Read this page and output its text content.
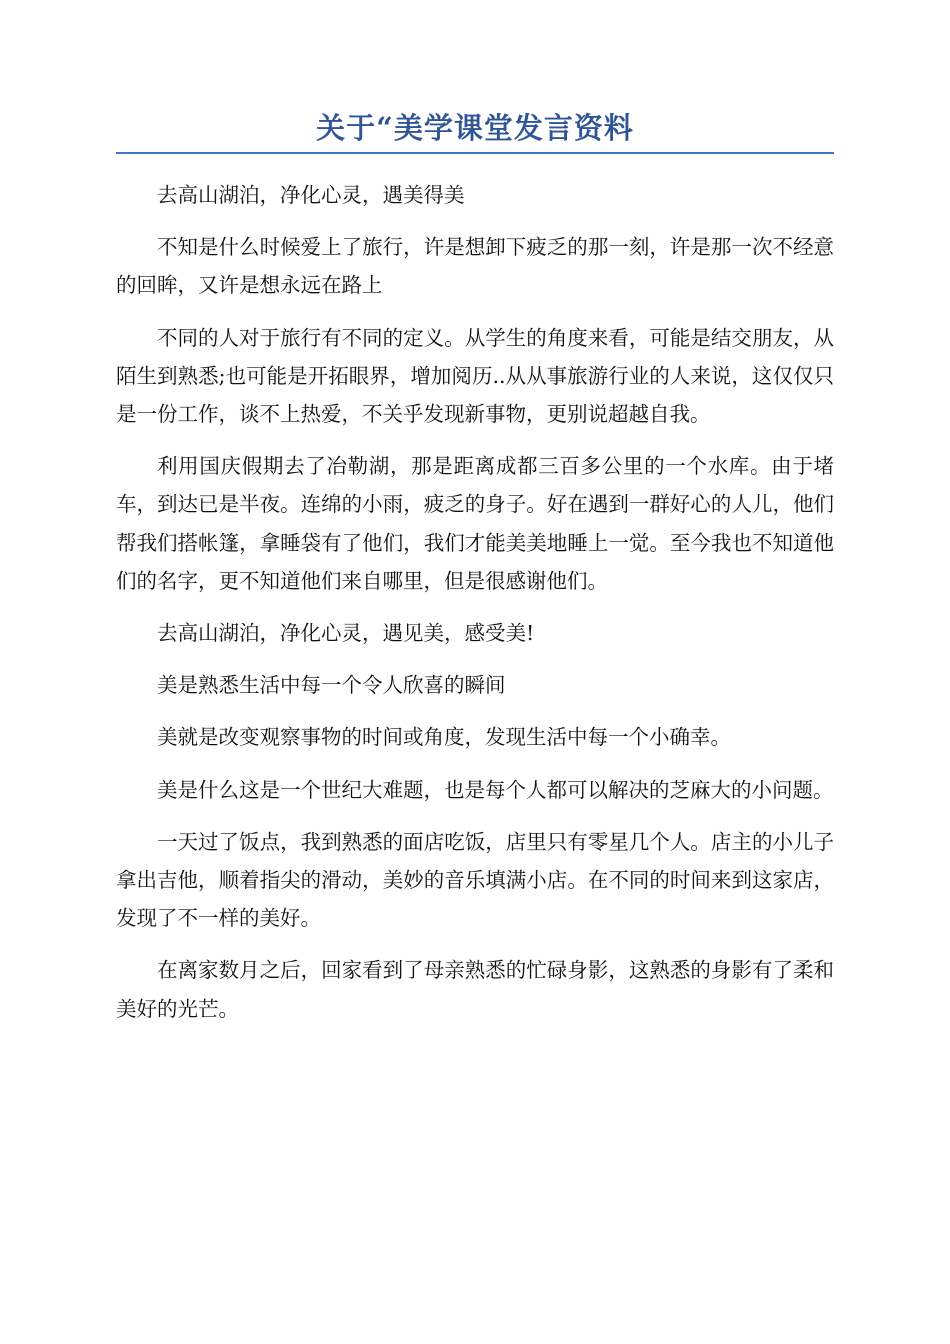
关于“美学课堂发言资料

去高山湖泊，净化心灵，遇美得美

不知是什么时候爱上了旅行，许是想卸下疲乏的那一刻，许是那一次不经意的回眸，又许是想永远在路上

不同的人对于旅行有不同的定义。从学生的角度来看，可能是结交朋友，从陌生到熟悉;也可能是开拓眼界，增加阅历..从从事旅游行业的人来说，这仅仅只是一份工作，谈不上热爱，不关乎发现新事物，更别说超越自我。

利用国庆假期去了冶勒湖，那是距离成都三百多公里的一个水库。由于堵车，到达已是半夜。连绵的小雨，疲乏的身子。好在遇到一群好心的人儿，他们帮我们搭帐篷，拿睡袋有了他们，我们才能美美地睡上一觉。至今我也不知道他们的名字，更不知道他们来自哪里，但是很感谢他们。

去高山湖泊，净化心灵，遇见美，感受美!

美是熟悉生活中每一个令人欣喜的瞬间

美就是改变观察事物的时间或角度，发现生活中每一个小确幸。

美是什么这是一个世纪大难题，也是每个人都可以解决的芝麻大的小问题。

一天过了饭点，我到熟悉的面店吃饭，店里只有零星几个人。店主的小儿子拿出吉他，顺着指尖的滑动，美妙的音乐填满小店。在不同的时间来到这家店，发现了不一样的美好。

在离家数月之后，回家看到了母亲熟悉的忙碌身影，这熟悉的身影有了柔和美好的光芒。
